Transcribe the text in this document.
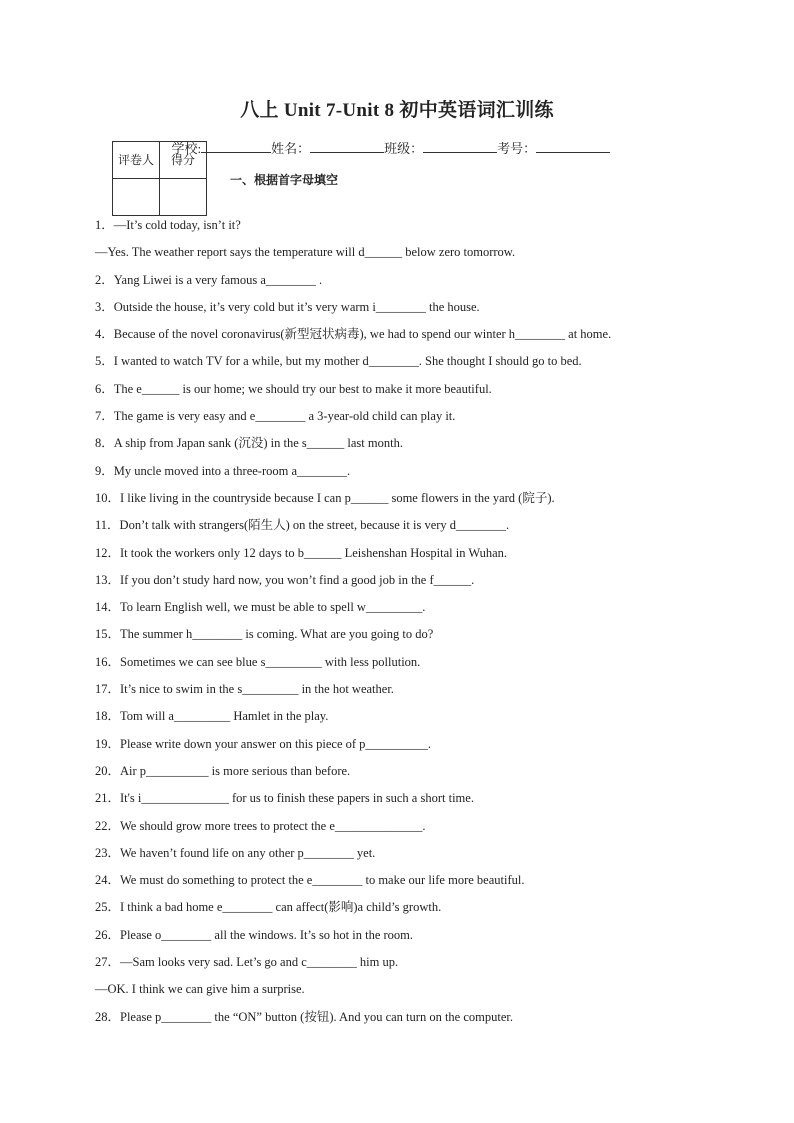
八上 Unit 7-Unit 8 初中英语词汇训练

学校:	姓名：	班级：	考号：

评卷人	得分

一、根据首字母填空
1．—It’s cold today, isn’t it?
—Yes. The weather report says the temperature will d______ below zero tomorrow.
2．Yang Liwei is a very famous a________ .
3．Outside the house, it’s very cold but it’s very warm i________ the house.
4．Because of the novel coronavirus(新型冠状病毒), we had to spend our winter h________ at home.
5．I wanted to watch TV for a while, but my mother d________. She thought I should go to bed.
6．The e______ is our home; we should try our best to make it more beautiful.
7．The game is very easy and e________ a 3-year-old child can play it.
8．A ship from Japan sank (沉没) in the s______ last month.
9．My uncle moved into a three-room a________.
10．I like living in the countryside because I can p______ some flowers in the yard (院子).
11．Don’t talk with strangers(陌生人) on the street, because it is very d________.
12．It took the workers only 12 days to b______ Leishenshan Hospital in Wuhan.
13．If you don’t study hard now, you won’t find a good job in the f______.
14．To learn English well, we must be able to spell w_________.
15．The summer h________ is coming. What are you going to do?
16．Sometimes we can see blue s_________ with less pollution.
17．It’s nice to swim in the s_________ in the hot weather.
18．Tom will a_________ Hamlet in the play.
19．Please write down your answer on this piece of p__________.
20．Air p__________ is more serious than before.
21．It's i______________ for us to finish these papers in such a short time.
22．We should grow more trees to protect the e______________.
23．We haven’t found life on any other p________ yet.
24．We must do something to protect the e________ to make our life more beautiful.
25．I think a bad home e________ can affect(影响)a child’s growth.
26．Please o________ all the windows. It’s so hot in the room.
27．—Sam looks very sad. Let’s go and c________ him up.
—OK. I think we can give him a surprise.
28．Please p________ the “ON” button (按钮). And you can turn on the computer.
